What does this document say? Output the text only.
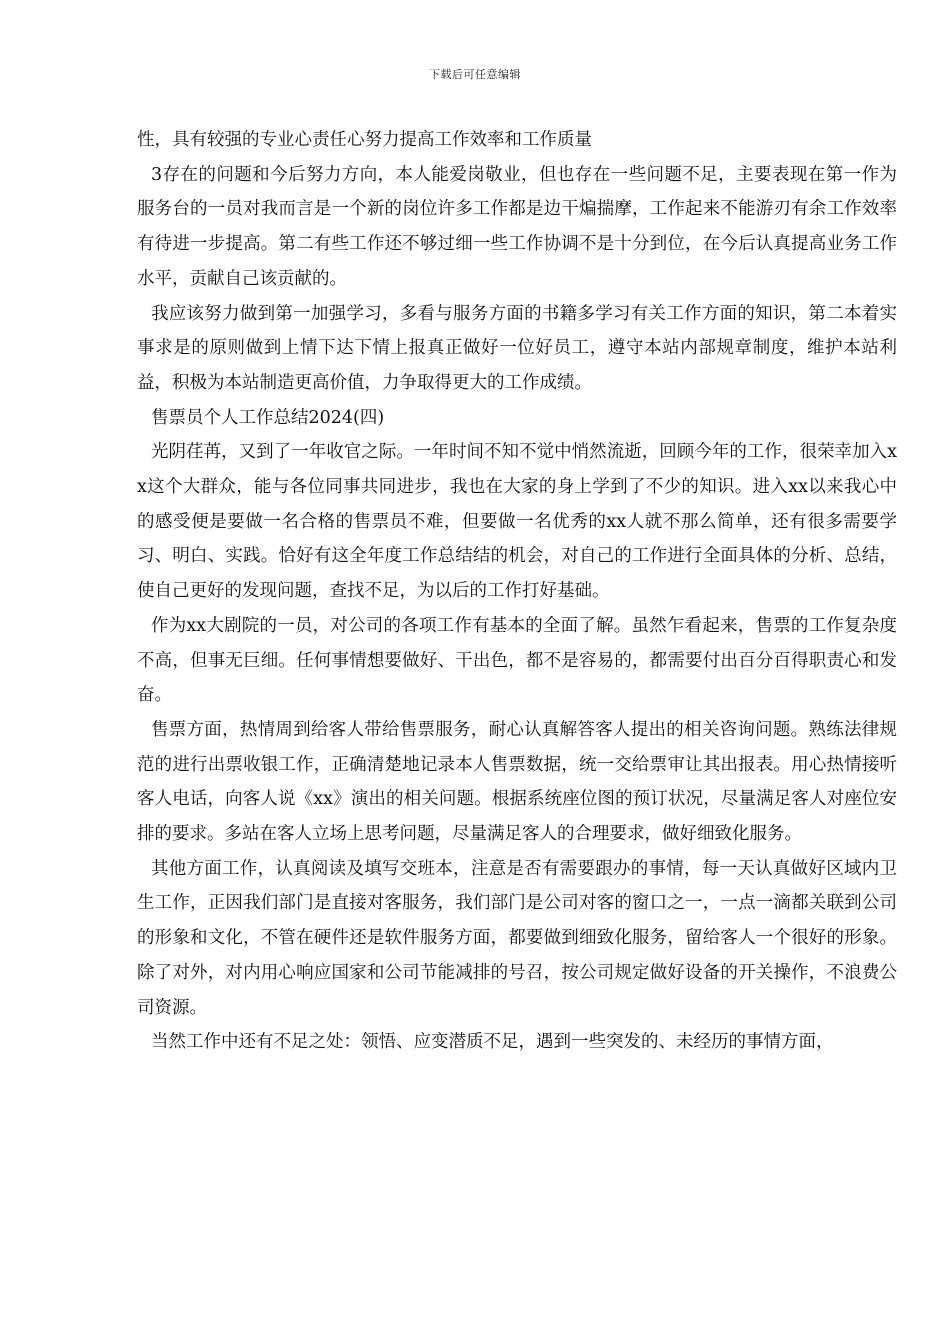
下载后可任意编辑

性，具有较强的专业心责任心努力提高工作效率和工作质量

3存在的问题和今后努力方向，本人能爱岗敬业，但也存在一些问题不足，主要表现在第一作为服务台的一员对我而言是一个新的岗位许多工作都是边干煸揣摩，工作起来不能游刃有余工作效率有待进一步提高。第二有些工作还不够过细一些工作协调不是十分到位，在今后认真提高业务工作水平，贡献自己该贡献的。

我应该努力做到第一加强学习，多看与服务方面的书籍多学习有关工作方面的知识，第二本着实事求是的原则做到上情下达下情上报真正做好一位好员工，遵守本站内部规章制度，维护本站利益，积极为本站制造更高价值，力争取得更大的工作成绩。

售票员个人工作总结2024(四)

光阴荏苒，又到了一年收官之际。一年时间不知不觉中悄然流逝，回顾今年的工作，很荣幸加入xx这个大群众，能与各位同事共同进步，我也在大家的身上学到了不少的知识。进入xx以来我心中的感受便是要做一名合格的售票员不难，但要做一名优秀的xx人就不那么简单，还有很多需要学习、明白、实践。恰好有这全年度工作总结结的机会，对自己的工作进行全面具体的分析、总结，使自己更好的发现问题，查找不足，为以后的工作打好基础。

作为xx大剧院的一员，对公司的各项工作有基本的全面了解。虽然乍看起来，售票的工作复杂度不高，但事无巨细。任何事情想要做好、干出色，都不是容易的，都需要付出百分百得职责心和发奋。

售票方面，热情周到给客人带给售票服务，耐心认真解答客人提出的相关咨询问题。熟练法律规范的进行出票收银工作，正确清楚地记录本人售票数据，统一交给票审让其出报表。用心热情接听客人电话，向客人说《xx》演出的相关问题。根据系统座位图的预订状况，尽量满足客人对座位安排的要求。多站在客人立场上思考问题，尽量满足客人的合理要求，做好细致化服务。

其他方面工作，认真阅读及填写交班本，注意是否有需要跟办的事情，每一天认真做好区域内卫生工作，正因我们部门是直接对客服务，我们部门是公司对客的窗口之一，一点一滴都关联到公司的形象和文化，不管在硬件还是软件服务方面，都要做到细致化服务，留给客人一个很好的形象。除了对外，对内用心响应国家和公司节能减排的号召，按公司规定做好设备的开关操作，不浪费公司资源。

当然工作中还有不足之处：领悟、应变潜质不足，遇到一些突发的、未经历的事情方面，
